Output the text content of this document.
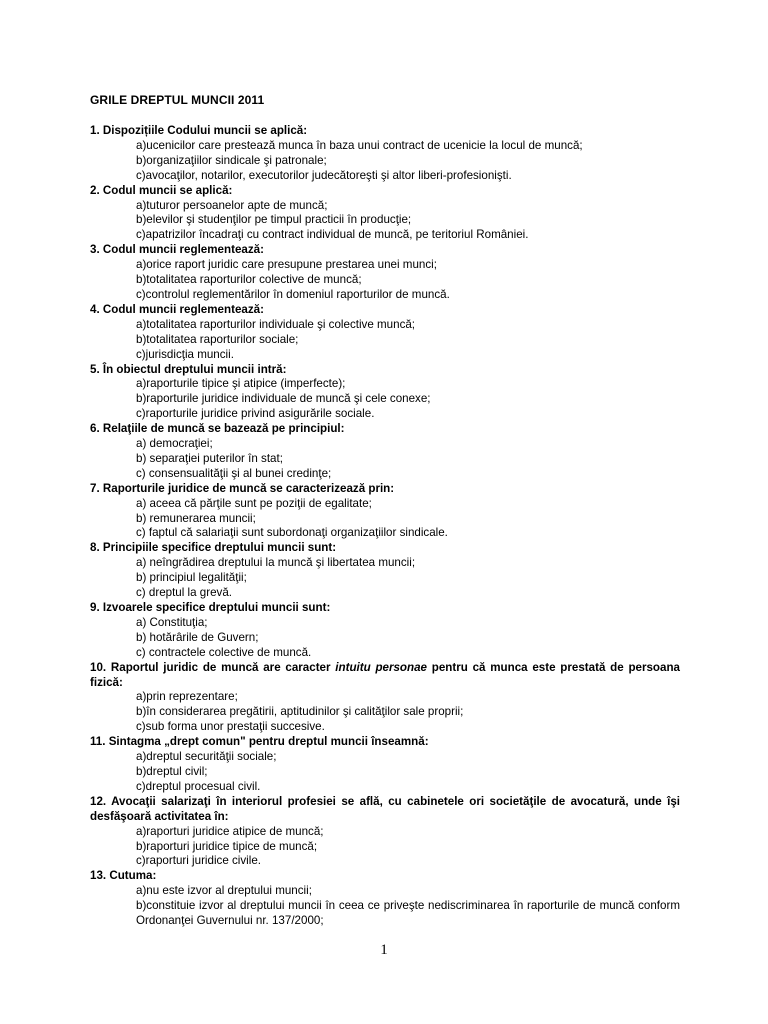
GRILE DREPTUL MUNCII 2011
1. Dispozițiile Codului muncii se aplică:
a)ucenicilor care prestează munca în baza unui contract de ucenicie la locul de muncă;
b)organizaţiilor sindicale şi patronale;
c)avocaţilor, notarilor, executorilor judecătoreşti şi altor liberi-profesionişti.
2. Codul muncii se aplică:
a)tuturor persoanelor apte de muncă;
b)elevilor şi studenţilor pe timpul practicii în producţie;
c)apatrizilor încadraţi cu contract individual de muncă, pe teritoriul României.
3. Codul muncii reglementează:
a)orice raport juridic care presupune prestarea unei munci;
b)totalitatea raporturilor colective de muncă;
c)controlul reglementărilor în domeniul raporturilor de muncă.
4. Codul muncii reglementează:
a)totalitatea raporturilor individuale şi colective muncă;
b)totalitatea raporturilor sociale;
c)jurisdicţia muncii.
5. În obiectul dreptului muncii intră:
a)raporturile tipice şi atipice (imperfecte);
b)raporturile juridice individuale de muncă şi cele conexe;
c)raporturile juridice privind asigurările sociale.
6. Relaţiile de muncă se bazează pe principiul:
a) democraţiei;
b) separaţiei puterilor în stat;
c) consensualităţii şi al bunei credinţe;
7. Raporturile juridice de muncă se caracterizează prin:
a) aceea că părţile sunt pe poziţii de egalitate;
b) remunerarea muncii;
c) faptul că salariaţii sunt subordonaţi organizaţiilor sindicale.
8. Principiile specifice dreptului muncii sunt:
a) neîngrădirea dreptului la muncă şi libertatea muncii;
b) principiul legalităţii;
c) dreptul la grevă.
9. Izvoarele specifice dreptului muncii sunt:
a) Constituţia;
b) hotărârile de Guvern;
c) contractele colective de muncă.
10. Raportul juridic de muncă are caracter intuitu personae pentru că munca este prestată de persoana fizică:
a)prin reprezentare;
b)în considerarea pregătirii, aptitudinilor şi calităţilor sale proprii;
c)sub forma unor prestaţii succesive.
11. Sintagma „drept comun" pentru dreptul muncii înseamnă:
a)dreptul securităţii sociale;
b)dreptul civil;
c)dreptul procesual civil.
12. Avocaţii salarizaţi în interiorul profesiei se află, cu cabinetele ori societăţile de avocatură, unde îşi desfăşoară activitatea în:
a)raporturi juridice atipice de muncă;
b)raporturi juridice tipice de muncă;
c)raporturi juridice civile.
13. Cutuma:
a)nu este izvor al dreptului muncii;
b)constituie izvor al dreptului muncii în ceea ce priveşte nediscriminarea în raporturile de muncă conform Ordonanţei Guvernului nr. 137/2000;
1
